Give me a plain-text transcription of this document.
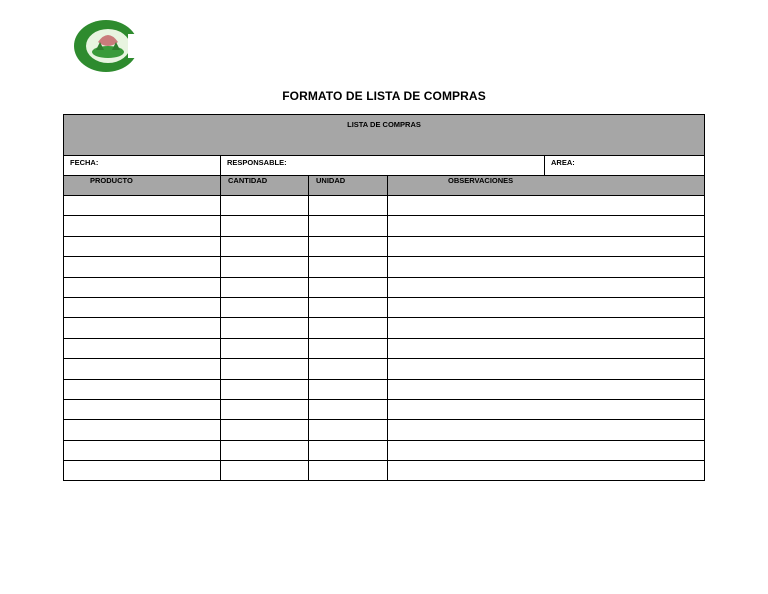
FORMATO DE LISTA DE COMPRAS
LISTA DE COMPRAS				
FECHA:	RESPONSABLE:			AREA:
PRODUCTO	CANTIDAD	UNIDAD	OBSERVACIONES	
